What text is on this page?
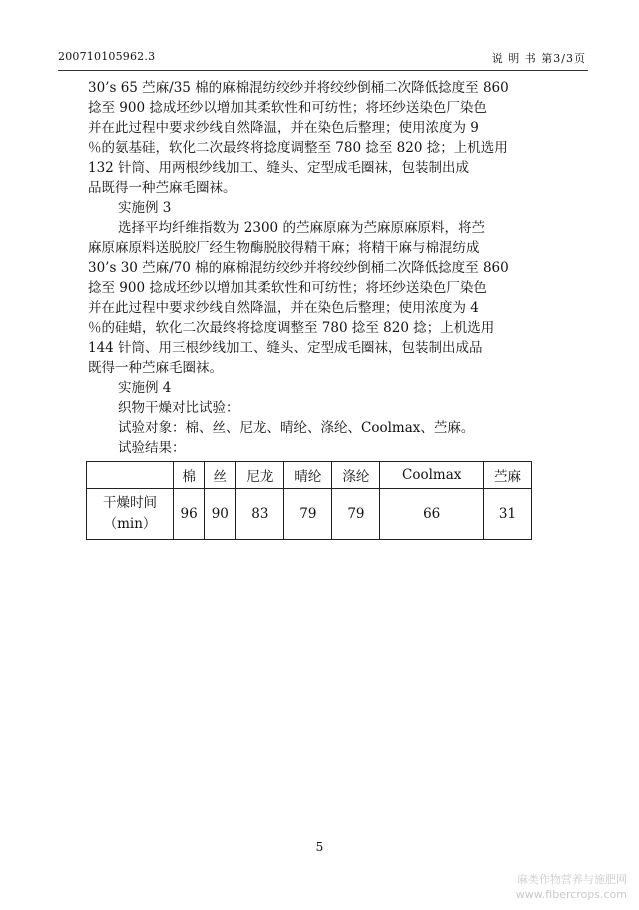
200710105962.3	说 明 书 第3/3页
30’s 65 苎麻/35 棉的麻棉混纺绞纱并将绞纱倒桶二次降低捻度至 860
捻至 900 捻成坯纱以增加其柔软性和可纺性；将坯纱送染色厂染色
并在此过程中要求纱线自然降温，并在染色后整理；使用浓度为 9
％的氨基硅，软化二次最终将捻度调整至 780 捻至 820 捻；上机选用
132 针筒、用两根纱线加工、缝头、定型成毛圈袜，包装制出成
品既得一种苎麻毛圈袜。
实施例 3
选择平均纤维指数为 2300 的苎麻原麻为苎麻原麻原料，将苎
麻原麻原料送脱胶厂经生物酶脱胶得精干麻；将精干麻与棉混纺成
30’s 30 苎麻/70 棉的麻棉混纺绞纱并将绞纱倒桶二次降低捻度至 860
捻至 900 捻成坯纱以增加其柔软性和可纺性；将坯纱送染色厂染色
并在此过程中要求纱线自然降温，并在染色后整理；使用浓度为 4
％的硅蜡，软化二次最终将捻度调整至 780 捻至 820 捻；上机选用
144 针筒、用三根纱线加工、缝头、定型成毛圈袜，包装制出成品
既得一种苎麻毛圈袜。
实施例 4
织物干燥对比试验：
试验对象：棉、丝、尼龙、晴纶、涤纶、Coolmax、苎麻。
试验结果：
	棉	丝	尼龙	晴纶	涤纶	Coolmax	苎麻

干燥时间
（min）	96	90	83	79	79	66	31
5
麻类作物营养与施肥网
www.fibercrops.com
